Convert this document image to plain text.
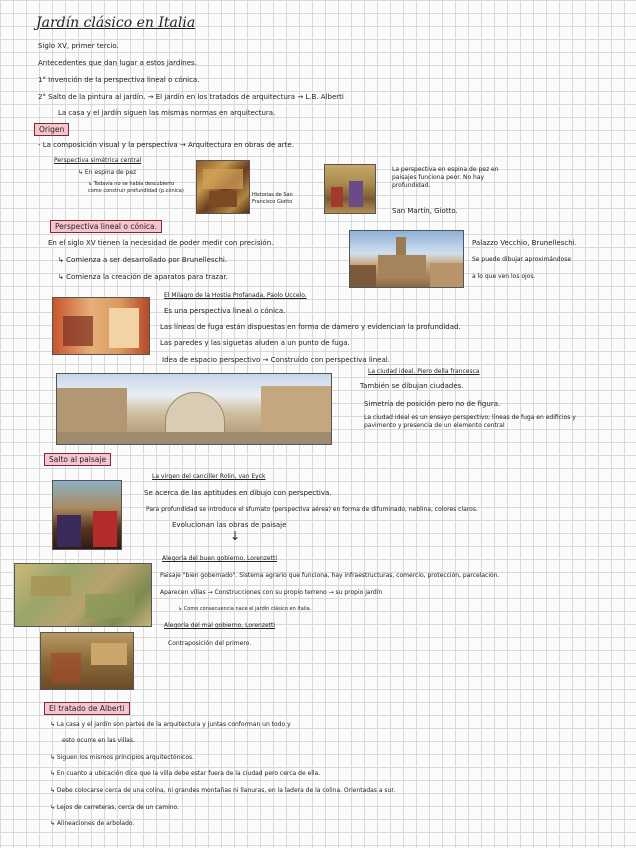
Jardín clásico en Italia
Siglo XV, primer tercio.
Antecedentes que dan lugar a estos jardines.
1° Invención de la perspectiva lineal o cónica.
2° Salto de la pintura al jardín. → El jardín en los tratados de arquitectura → L.B. Alberti
La casa y el jardín siguen las mismas normas en arquitectura.
Origen
- La composición visual y la perspectiva → Arquitectura en obras de arte.
Perspectiva simétrica central
↳ En espina de pez
↳ Todavía no se había descubierto como construir profundidad (p.cónica)
Historias de San Francisco Giotto
La perspectiva en espina de pez en paisajes funciona peor. No hay profundidad.
San Martín, Giotto.
Perspectiva lineal o cónica.
En el siglo XV tienen la necesidad de poder medir con precisión.
↳ Comienza a ser desarrollado por Brunelleschi.
↳ Comienza la creación de aparatos para trazar.
Palazzo Vecchio, Brunelleschi.
Se puede dibujar aproximándose
a lo que ven los ojos.
El Milagro de la Hostia Profanada, Paolo Uccelo.
Es una perspectiva lineal o cónica.
Las líneas de fuga están dispuestas en forma de damero y evidencian la profundidad.
Las paredes y las siguetas aluden a un punto de fuga.
Idea de espacio perspectivo → Construido con perspectiva lineal.
La ciudad ideal, Piero della francesca
También se dibujan ciudades.
Simetría de posición pero no de figura.
La ciudad ideal es un ensayo perspectivo; líneas de fuga en edificios y pavimento y presencia de un elemento central
Salto al paisaje
La virgen del canciller Rolin, van Eyck
Se acerca de las aptitudes en dibujo con perspectiva.
Para profundidad se introduce el sfumato (perspectiva aérea) en forma de difuminado, neblina, colores claros.
Evolucionan las obras de paisaje
↓
Alegoría del buen gobierno, Lorenzetti
Paisaje "bien gobernado". Sistema agrario que funciona, hay infraestructuras, comercio, protección, parcelación.
Aparecen villas → Construcciones con su propio terreno → su propio jardín
↳ Como consecuencia nace el jardín clásico en Italia.
Alegoría del mal gobierno, Lorenzetti
Contraposición del primero.
El tratado de Alberti
↳ La casa y el jardín son partes de la arquitectura y juntas conforman un todo y
esto ocurre en las villas.
↳ Siguen los mismos principios arquitectónicos.
↳ En cuanto a ubicación dice que la villa debe estar fuera de la ciudad pero cerca de ella.
↳ Debe colocarse cerca de una colina, ni grandes montañas ni llanuras, en la ladera de la colina. Orientadas a sur.
↳ Lejos de carreteras, cerca de un camino.
↳ Alineaciones de arbolado.
